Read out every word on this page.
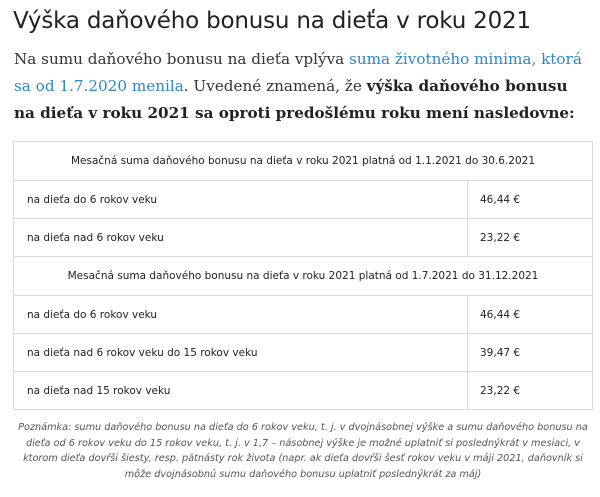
Výška daňového bonusu na dieťa v roku 2021

Na sumu daňového bonusu na dieťa vplýva suma životného minima, ktorá sa od 1.7.2020 menila. Uvedené znamená, že výška daňového bonusu na dieťa v roku 2021 sa oproti predošlému roku mení nasledovne:

Mesačná suma daňového bonusu na dieťa v roku 2021 platná od 1.1.2021 do 30.6.2021	
na dieťa do 6 rokov veku	46,44 €
na dieťa nad 6 rokov veku	23,22 €
Mesačná suma daňového bonusu na dieťa v roku 2021 platná od 1.7.2021 do 31.12.2021	
na dieťa do 6 rokov veku	46,44 €
na dieťa nad 6 rokov veku do 15 rokov veku	39,47 €
na dieťa nad 15 rokov veku	23,22 €

Poznámka: sumu daňového bonusu na dieťa do 6 rokov veku, t. j. v dvojnásobnej výške a sumu daňového bonusu na dieťa od 6 rokov veku do 15 rokov veku, t. j. v 1,7 – násobnej výške je možné uplatniť si poslednýkrát v mesiaci, v ktorom dieťa dovŕši šiesty, resp. pätnásty rok života (napr. ak dieťa dovŕši šesť rokov veku v máji 2021, daňovník si môže dvojnásobnú sumu daňového bonusu uplatniť poslednýkrát za máj)
